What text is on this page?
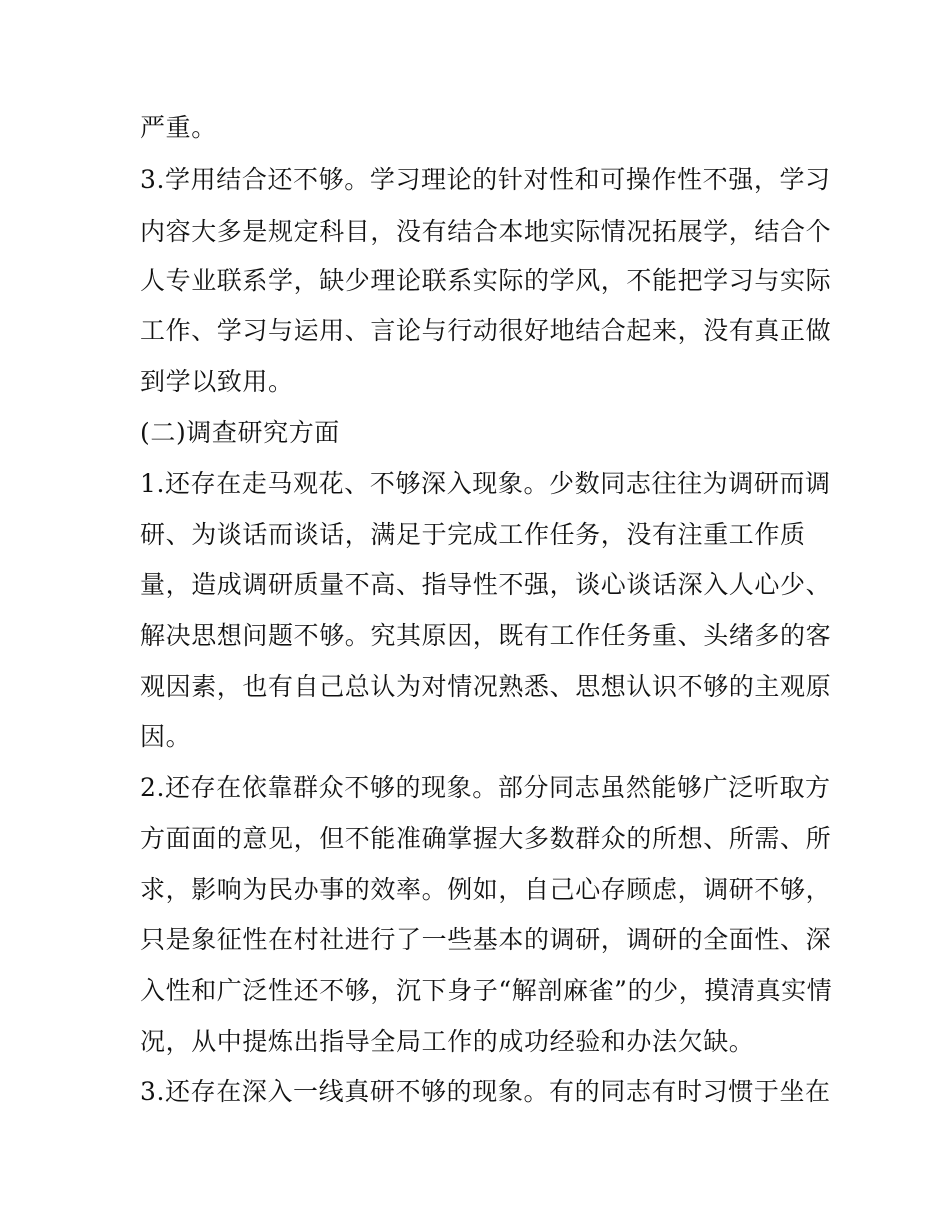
严重。

3.学用结合还不够。学习理论的针对性和可操作性不强，学习

内容大多是规定科目，没有结合本地实际情况拓展学，结合个

人专业联系学，缺少理论联系实际的学风，不能把学习与实际

工作、学习与运用、言论与行动很好地结合起来，没有真正做

到学以致用。

(二)调查研究方面

1.还存在走马观花、不够深入现象。少数同志往往为调研而调

研、为谈话而谈话，满足于完成工作任务，没有注重工作质

量，造成调研质量不高、指导性不强，谈心谈话深入人心少、

解决思想问题不够。究其原因，既有工作任务重、头绪多的客

观因素，也有自己总认为对情况熟悉、思想认识不够的主观原

因。

2.还存在依靠群众不够的现象。部分同志虽然能够广泛听取方

方面面的意见，但不能准确掌握大多数群众的所想、所需、所

求，影响为民办事的效率。例如，自己心存顾虑，调研不够，

只是象征性在村社进行了一些基本的调研，调研的全面性、深

入性和广泛性还不够，沉下身子“解剖麻雀”的少，摸清真实情

况，从中提炼出指导全局工作的成功经验和办法欠缺。

3.还存在深入一线真研不够的现象。有的同志有时习惯于坐在
